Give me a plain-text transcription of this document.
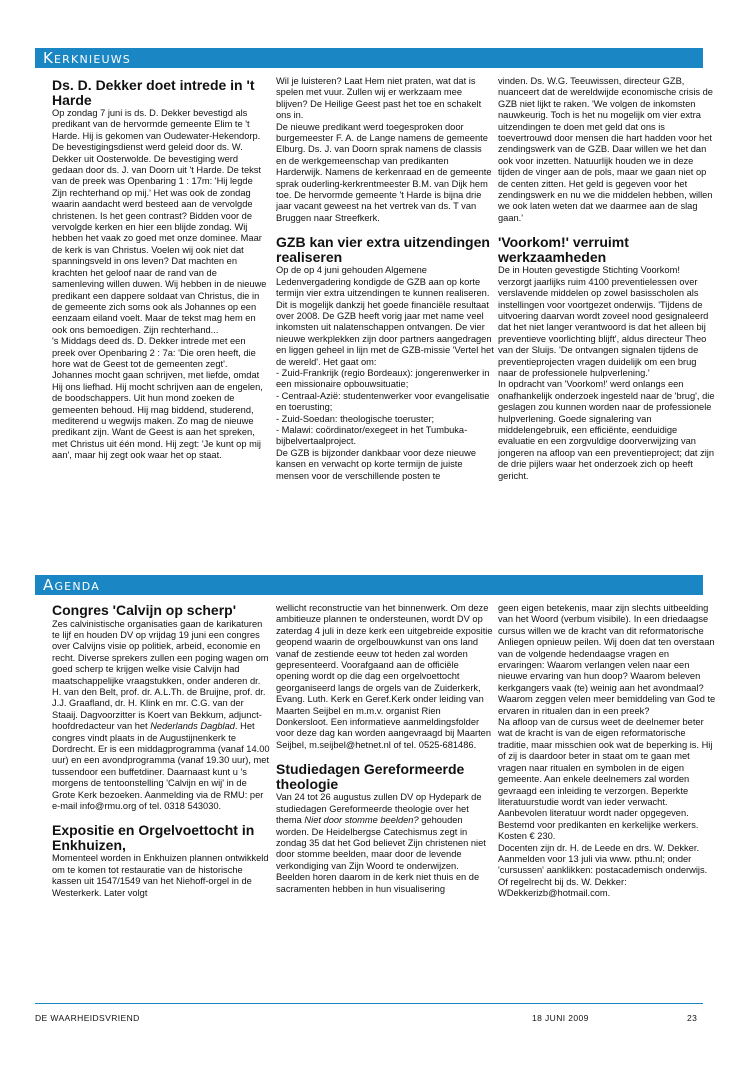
Kerknieuws
Ds. D. Dekker doet intrede in 't Harde

Op zondag 7 juni is ds. D. Dekker bevestigd als predikant van de hervormde gemeente Elim te 't Harde. Hij is gekomen van Oudewater-Hekendorp.

De bevestigingsdienst werd geleid door ds. W. Dekker uit Oosterwolde. De bevestiging werd gedaan door ds. J. van Doorn uit 't Harde. De tekst van de preek was Openbaring 1 : 17m: 'Hij legde Zijn rechterhand op mij.' Het was ook de zondag waarin aandacht werd besteed aan de vervolgde christenen. Is het geen contrast? Bidden voor de vervolgde kerken en hier een blijde zondag. Wij hebben het vaak zo goed met onze dominee. Maar de kerk is van Christus. Voelen wij ook niet dat spanningsveld in ons leven? Dat machten en krachten het geloof naar de rand van de samenleving willen duwen. Wij hebben in de nieuwe predikant een dappere soldaat van Christus, die in de gemeente zich soms ook als Johannes op een eenzaam eiland voelt. Maar de tekst mag hem en ook ons bemoedigen. Zijn rechterhand...

's Middags deed ds. D. Dekker intrede met een preek over Openbaring 2 : 7a: 'Die oren heeft, die hore wat de Geest tot de gemeenten zegt'. Johannes mocht gaan schrijven, met liefde, omdat Hij ons liefhad. Hij mocht schrijven aan de engelen, de boodschappers. Uit hun mond zoeken de gemeenten behoud. Hij mag biddend, studerend, mediterend u wegwijs maken. Zo mag de nieuwe predikant zijn. Want de Geest is aan het spreken, met Christus uit één mond. Hij zegt: 'Je kunt op mij aan', maar hij zegt ook waar het op staat.

Wil je luisteren? Laat Hem niet praten, wat dat is spelen met vuur. Zullen wij er werkzaam mee blijven? De Heilige Geest past het toe en schakelt ons in.

De nieuwe predikant werd toegesproken door burgemeester F. A. de Lange namens de gemeente Elburg. Ds. J. van Doorn sprak namens de classis en de werkgemeenschap van predikanten Harderwijk. Namens de kerkenraad en de gemeente sprak ouderling-kerkrentmeester B.M. van Dijk hem toe. De hervormde gemeente 't Harde is bijna drie jaar vacant geweest na het vertrek van ds. T van Bruggen naar Streefkerk.

GZB kan vier extra uitzendingen realiseren

Op de op 4 juni gehouden Algemene Ledenvergadering kondigde de GZB aan op korte termijn vier extra uitzendingen te kunnen realiseren. Dit is mogelijk dankzij het goede financiële resultaat over 2008. De GZB heeft vorig jaar met name veel inkomsten uit nalatenschappen ontvangen. De vier nieuwe werkplekken zijn door partners aangedragen en liggen geheel in lijn met de GZB-missie 'Vertel het de wereld'. Het gaat om:

- Zuid-Frankrijk (regio Bordeaux): jongerenwerker in een missionaire opbouwsituatie;

- Centraal-Azië: studentenwerker voor evangelisatie en toerusting;

- Zuid-Soedan: theologische toeruster;

- Malawi: coördinator/exegeet in het Tumbuka-bijbelvertaalproject.

De GZB is bijzonder dankbaar voor deze nieuwe kansen en verwacht op korte termijn de juiste mensen voor de verschillende posten te

vinden. Ds. W.G. Teeuwissen, directeur GZB, nuanceert dat de wereldwijde economische crisis de GZB niet lijkt te raken. 'We volgen de inkomsten nauwkeurig. Toch is het nu mogelijk om vier extra uitzendingen te doen met geld dat ons is toevertrouwd door mensen die hart hadden voor het zendingswerk van de GZB. Daar willen we het dan ook voor inzetten. Natuurlijk houden we in deze tijden de vinger aan de pols, maar we gaan niet op de centen zitten. Het geld is gegeven voor het zendingswerk en nu we die middelen hebben, willen we ook laten weten dat we daarmee aan de slag gaan.'

'Voorkom!' verruimt werkzaamheden

De in Houten gevestigde Stichting Voorkom! verzorgt jaarlijks ruim 4100 preventielessen over verslavende middelen op zowel basisscholen als instellingen voor voortgezet onderwijs. 'Tijdens de uitvoering daarvan wordt zoveel nood gesignaleerd dat het niet langer verantwoord is dat het alleen bij preventieve voorlichting blijft', aldus directeur Theo van der Sluijs. 'De ontvangen signalen tijdens de preventieprojecten vragen duidelijk om een brug naar de professionele hulpverlening.'

In opdracht van 'Voorkom!' werd onlangs een onafhankelijk onderzoek ingesteld naar de 'brug', die geslagen zou kunnen worden naar de professionele hulpverlening. Goede signalering van middelengebruik, een efficiënte, eenduidige evaluatie en een zorgvuldige doorverwijzing van jongeren na afloop van een preventieproject; dat zijn de drie pijlers waar het onderzoek zich op heeft gericht.

Agenda
Congres 'Calvijn op scherp'

Zes calvinistische organisaties gaan de karikaturen te lijf en houden DV op vrijdag 19 juni een congres over Calvijns visie op politiek, arbeid, economie en recht. Diverse sprekers zullen een poging wagen om goed scherp te krijgen welke visie Calvijn had maatschappelijke vraagstukken, onder anderen dr. H. van den Belt, prof. dr. A.L.Th. de Bruijne, prof. dr. J.J. Graafland, dr. H. Klink en mr. C.G. van der Staaij. Dagvoorzitter is Koert van Bekkum, adjunct-hoofdredacteur van het Nederlands Dagblad. Het congres vindt plaats in de Augustijnenkerk te Dordrecht. Er is een middagprogramma (vanaf 14.00 uur) en een avondprogramma (vanaf 19.30 uur), met tussendoor een buffetdiner. Daarnaast kunt u 's morgens de tentoonstelling 'Calvijn en wij' in de Grote Kerk bezoeken. Aanmelding via de RMU: per e-mail info@rmu.org of tel. 0318 543030.

Expositie en Orgelvoettocht in Enkhuizen,

Momenteel worden in Enkhuizen plannen ontwikkeld om te komen tot restauratie van de historische kassen uit 1547/1549 van het Niehoff-orgel in de Westerkerk. Later volgt

wellicht reconstructie van het binnenwerk. Om deze ambitieuze plannen te ondersteunen, wordt DV op zaterdag 4 juli in deze kerk een uitgebreide expositie geopend waarin de orgelbouwkunst van ons land vanaf de zestiende eeuw tot heden zal worden gepresenteerd. Voorafgaand aan de officiële opening wordt op die dag een orgelvoettocht georganiseerd langs de orgels van de Zuiderkerk, Evang. Luth. Kerk en Geref.Kerk onder leiding van Maarten Seijbel en m.m.v. organist Rien Donkersloot. Een informatieve aanmeldingsfolder voor deze dag kan worden aangevraagd bij Maarten Seijbel, m.seijbel@hetnet.nl of tel. 0525-681486.

Studiedagen Gereformeerde theologie

Van 24 tot 26 augustus zullen DV op Hydepark de studiedagen Gereformeerde theologie over het thema Niet door stomme beelden? gehouden worden. De Heidelbergse Catechismus zegt in zondag 35 dat het God believet Zijn christenen niet door stomme beelden, maar door de levende verkondiging van Zijn Woord te onderwijzen. Beelden horen daarom in de kerk niet thuis en de sacramenten hebben in hun visualisering

geen eigen betekenis, maar zijn slechts uitbeelding van het Woord (verbum visibile). In een driedaagse cursus willen we de kracht van dit reformatorische Anliegen opnieuw peilen. Wij doen dat ten overstaan van de volgende hedendaagse vragen en ervaringen: Waarom verlangen velen naar een nieuwe ervaring van hun doop? Waarom beleven kerkgangers vaak (te) weinig aan het avondmaal? Waarom zeggen velen meer bemiddeling van God te ervaren in ritualen dan in een preek?

Na afloop van de cursus weet de deelnemer beter wat de kracht is van de eigen reformatorische traditie, maar misschien ook wat de beperking is. Hij of zij is daardoor beter in staat om te gaan met vragen naar ritualen en symbolen in de eigen gemeente. Aan enkele deelnemers zal worden gevraagd een inleiding te verzorgen. Beperkte literatuurstudie wordt van ieder verwacht. Aanbevolen literatuur wordt nader opgegeven. Bestemd voor predikanten en kerkelijke werkers.

Kosten € 230.

Docenten zijn dr. H. de Leede en drs. W. Dekker. Aanmelden voor 13 juli via www. pthu.nl; onder 'cursussen' aanklikken: postacademisch onderwijs. Of regelrecht bij ds. W. Dekker: WDekkerizb@hotmail.com.

DE WAARHEIDSVRIEND	18 JUNI 2009	23
